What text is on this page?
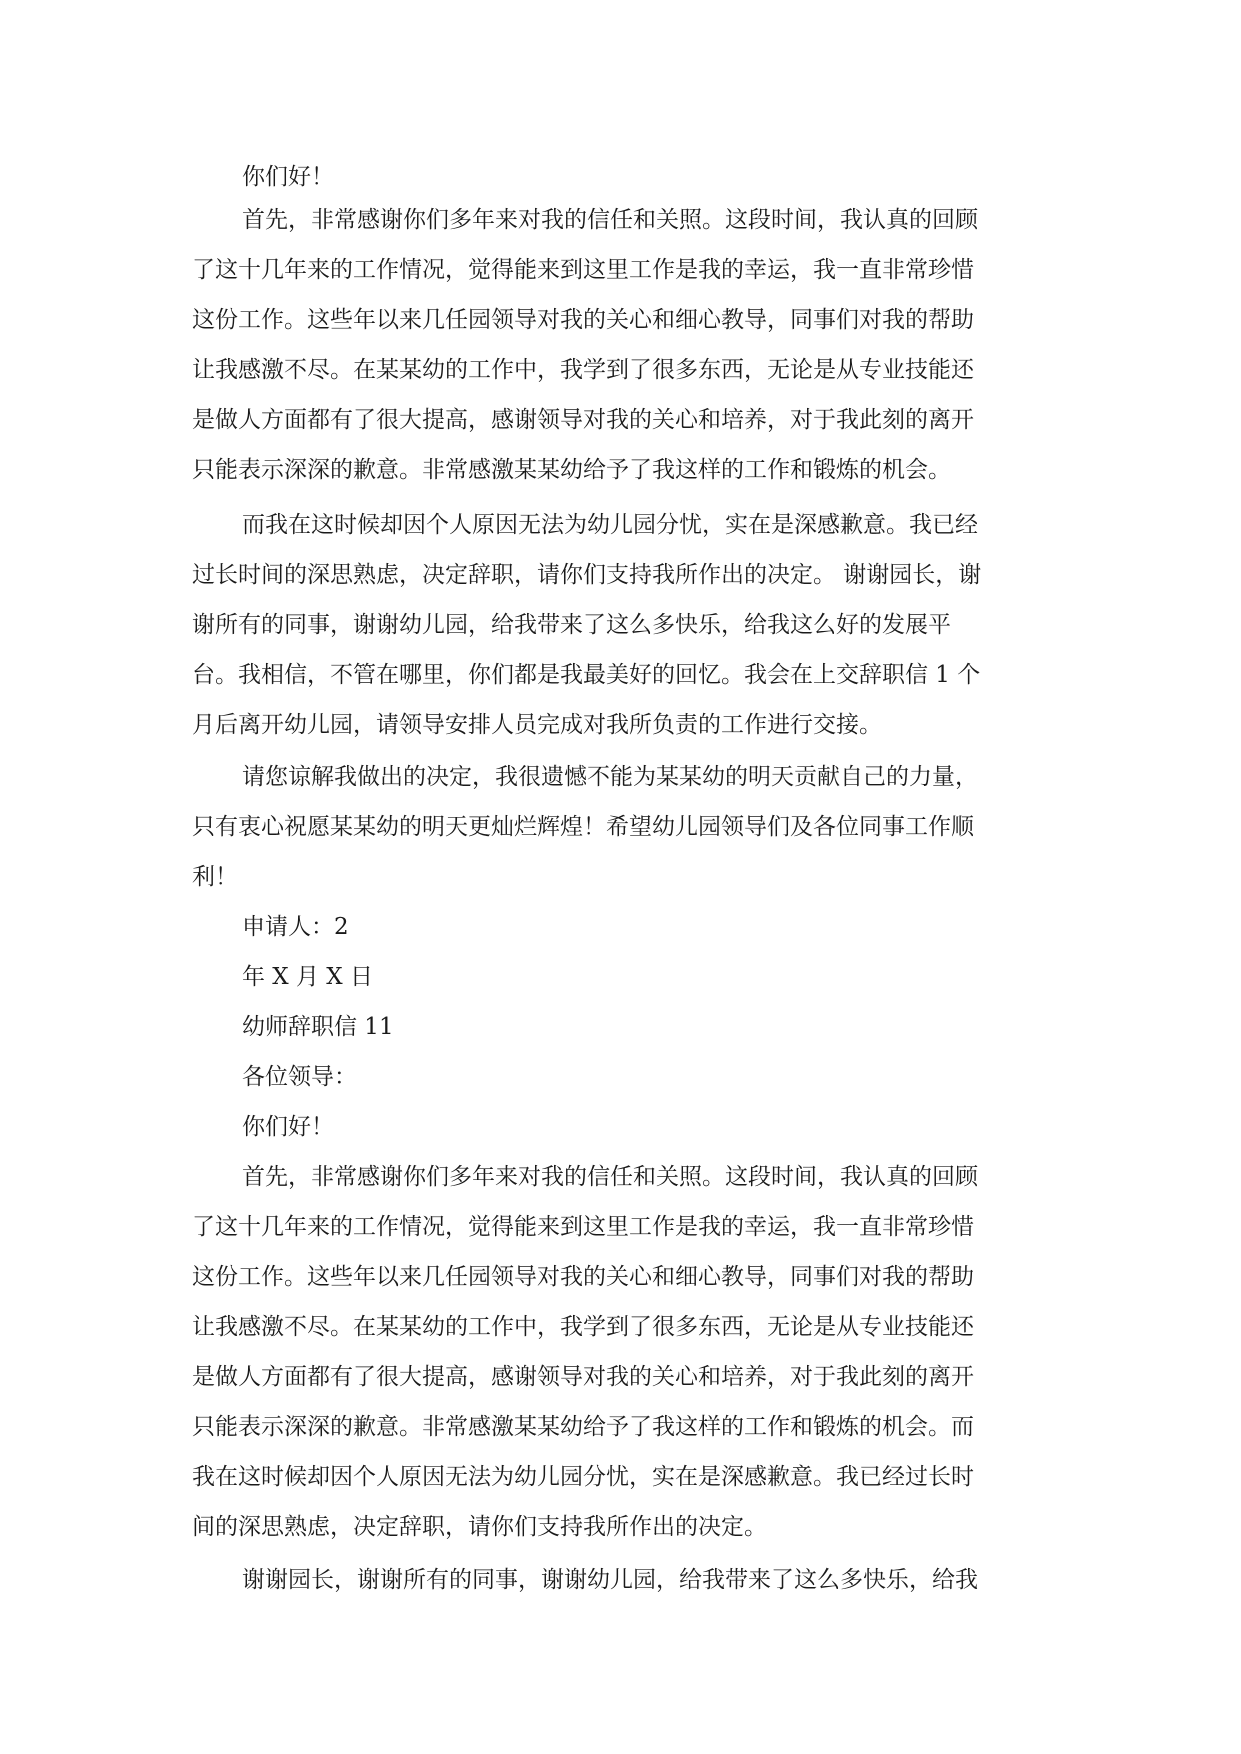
你们好！
首先，非常感谢你们多年来对我的信任和关照。这段时间，我认真的回顾
了这十几年来的工作情况，觉得能来到这里工作是我的幸运，我一直非常珍惜
这份工作。这些年以来几任园领导对我的关心和细心教导，同事们对我的帮助
让我感激不尽。在某某幼的工作中，我学到了很多东西，无论是从专业技能还
是做人方面都有了很大提高，感谢领导对我的关心和培养，对于我此刻的离开
只能表示深深的歉意。非常感激某某幼给予了我这样的工作和锻炼的机会。
而我在这时候却因个人原因无法为幼儿园分忧，实在是深感歉意。我已经
过长时间的深思熟虑，决定辞职，请你们支持我所作出的决定。 谢谢园长，谢
谢所有的同事，谢谢幼儿园，给我带来了这么多快乐，给我这么好的发展平
台。我相信，不管在哪里，你们都是我最美好的回忆。我会在上交辞职信 1 个
月后离开幼儿园，请领导安排人员完成对我所负责的工作进行交接。
请您谅解我做出的决定，我很遗憾不能为某某幼的明天贡献自己的力量，
只有衷心祝愿某某幼的明天更灿烂辉煌！希望幼儿园领导们及各位同事工作顺
利！
申请人：2
年 X 月 X 日
幼师辞职信 11
各位领导：
你们好！
首先，非常感谢你们多年来对我的信任和关照。这段时间，我认真的回顾
了这十几年来的工作情况，觉得能来到这里工作是我的幸运，我一直非常珍惜
这份工作。这些年以来几任园领导对我的关心和细心教导，同事们对我的帮助
让我感激不尽。在某某幼的工作中，我学到了很多东西，无论是从专业技能还
是做人方面都有了很大提高，感谢领导对我的关心和培养，对于我此刻的离开
只能表示深深的歉意。非常感激某某幼给予了我这样的工作和锻炼的机会。而
我在这时候却因个人原因无法为幼儿园分忧，实在是深感歉意。我已经过长时
间的深思熟虑，决定辞职，请你们支持我所作出的决定。
谢谢园长，谢谢所有的同事，谢谢幼儿园，给我带来了这么多快乐，给我
